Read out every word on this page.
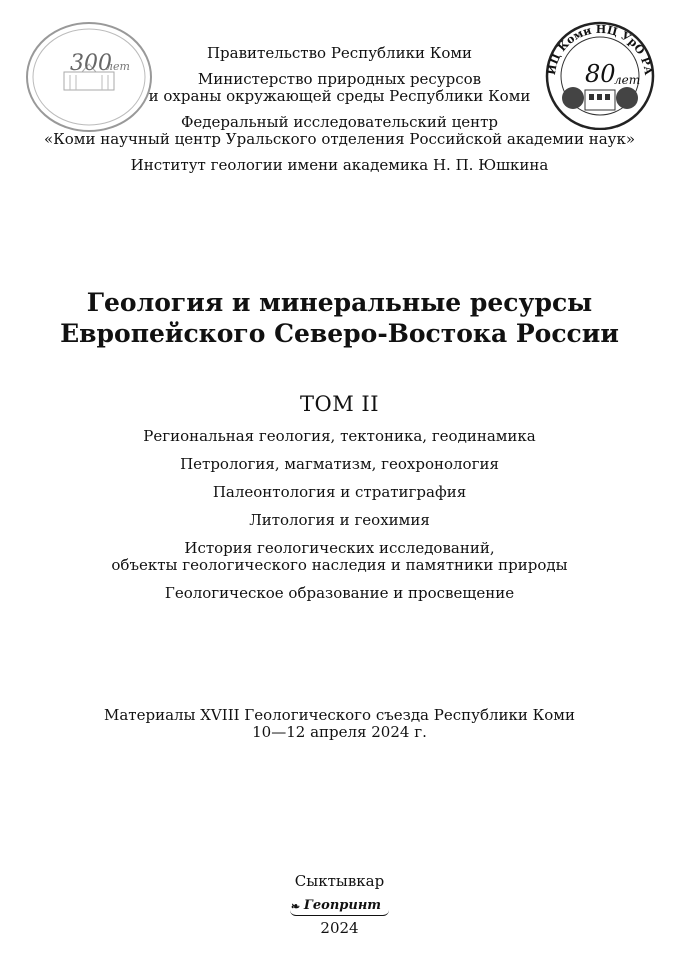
300
лет	ИЦ Коми НЦ УрО РА
80
лет
Правительство Республики Коми
Министерство природных ресурсов
и охраны окружающей среды Республики Коми
Федеральный исследовательский центр
«Коми научный центр Уральского отделения Российской академии наук»
Институт геологии имени академика Н. П. Юшкина
Геология и минеральные ресурсы
Европейского Северо-Востока России
ТОМ II
Региональная геология, тектоника, геодинамика
Петрология, магматизм, геохронология
Палеонтология и стратиграфия
Литология и геохимия
История геологических исследований,
объекты геологического наследия и памятники природы
Геологическое образование и просвещение
Материалы XVIII Геологического съезда Республики Коми
10—12 апреля 2024 г.
Сыктывкар
❧ Геопринт
2024
